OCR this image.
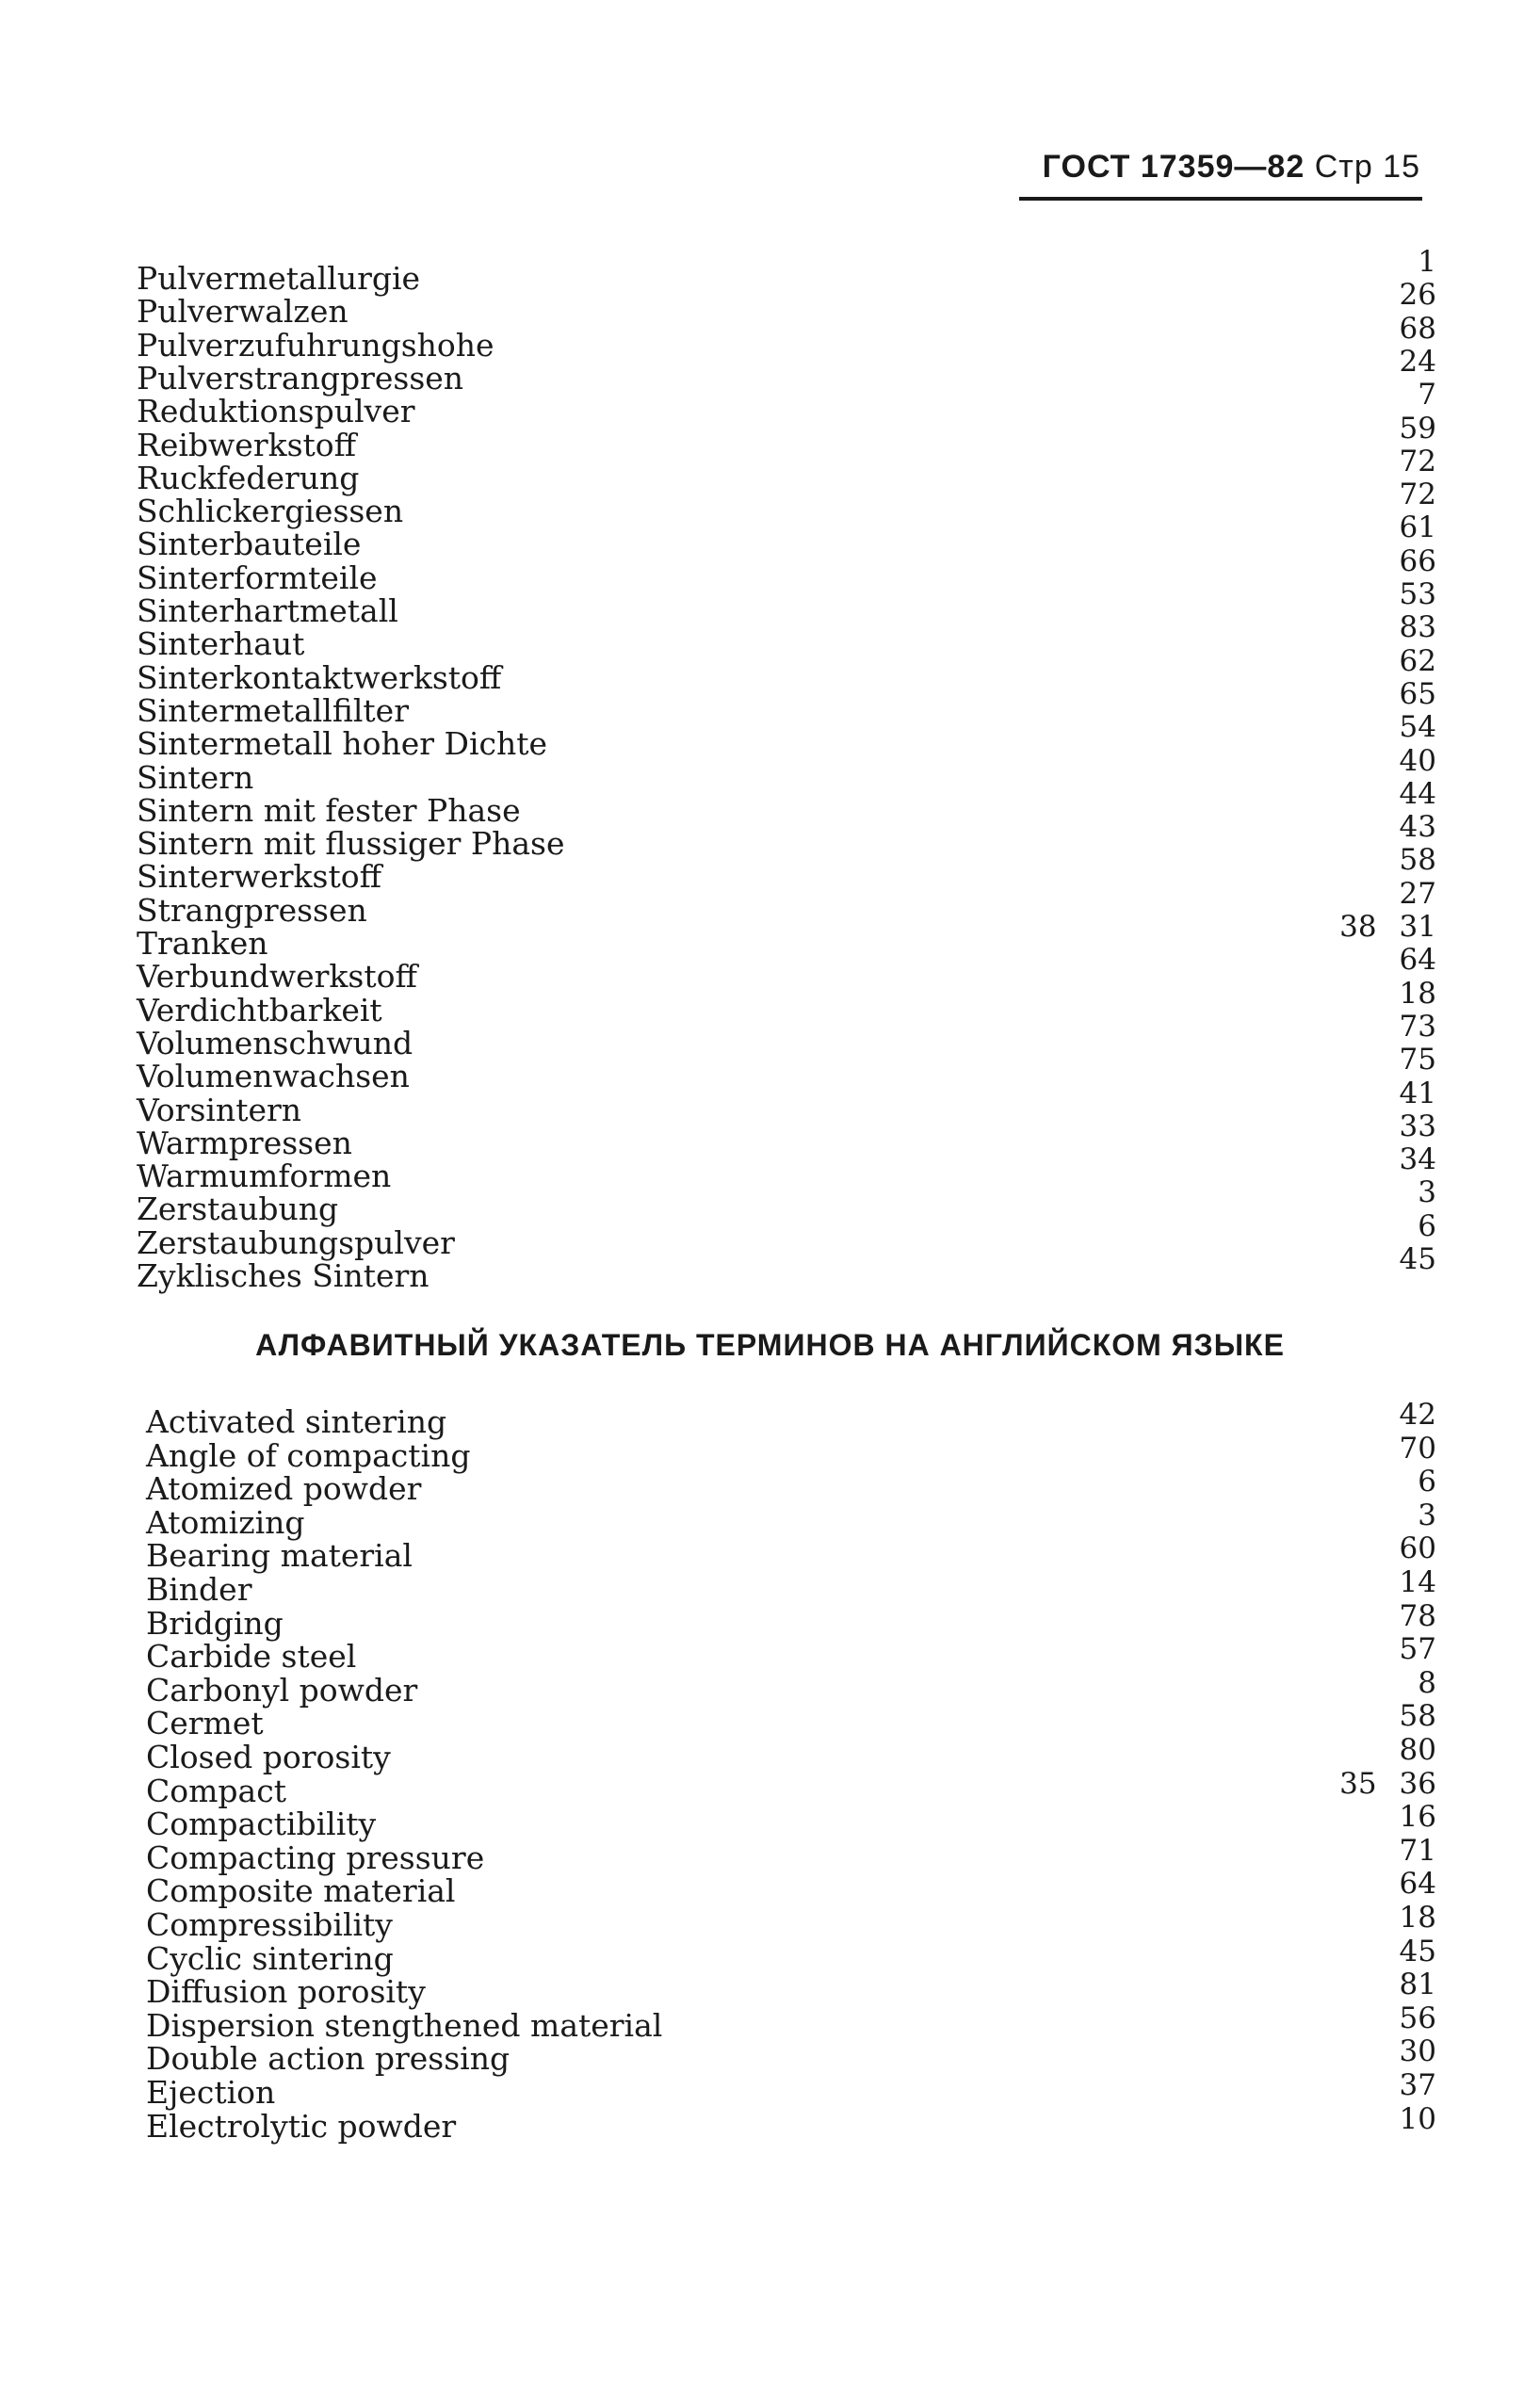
ГОСТ 17359—82 Стр 15
Pulvermetallurgie	1
Pulverwalzen	26
Pulverzufuhrungshohe	68
Pulverstrangpressen	24
Reduktionspulver	7
Reibwerkstoff	59
Ruckfederung	72
Schlickergiessen	72
Sinterbauteile	61
Sinterformteile	66
Sinterhartmetall	53
Sinterhaut	83
Sinterkontaktwerkstoff	62
Sintermetallfilter	65
Sintermetall hoher Dichte	54
Sintern	40
Sintern mit fester Phase	44
Sintern mit flussiger Phase	43
Sinterwerkstoff	58
Strangpressen	27
Tranken	38 31
Verbundwerkstoff	64
Verdichtbarkeit	18
Volumenschwund	73
Volumenwachsen	75
Vorsintern	41
Warmpressen	33
Warmumformen	34
Zerstaubung	3
Zerstaubungspulver	6
Zyklisches Sintern	45
АЛФАВИТНЫЙ УКАЗАТЕЛЬ ТЕРМИНОВ НА АНГЛИЙСКОМ ЯЗЫКЕ
Activated sintering	42
Angle of compacting	70
Atomized powder	6
Atomizing	3
Bearing material	60
Binder	14
Bridging	78
Carbide steel	57
Carbonyl powder	8
Cermet	58
Closed porosity	80
Compact	35 36
Compactibility	16
Compacting pressure	71
Composite material	64
Compressibility	18
Cyclic sintering	45
Diffusion porosity	81
Dispersion stengthened material	56
Double action pressing	30
Ejection	37
Electrolytic powder	10
